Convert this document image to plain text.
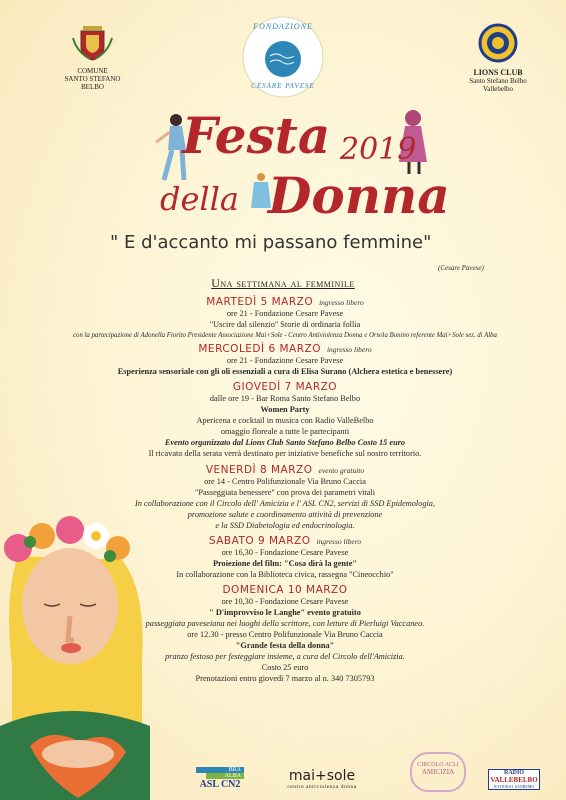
COMUNE
SANTO STEFANO BELBO
FONDAZIONE
CESARE PAVESE
LIONS CLUB
Santo Stefano Belbo
Vallebelbo
Festa 2019
della Donna
" E d'accanto mi passano femmine"
(Cesare Pavese)
Una settimana al femminile
MARTEDÌ 5 MARZO ingresso libero
ore 21 - Fondazione Cesare Pavese
"Uscire dal silenzio" Storie di ordinaria follia
con la partecipazione di Adonella Fiorito Presidente Associazione Mai+Sole - Centro Antiviolenza Donna e Orsola Bonino referente Mai+Sole sez. di Alba
MERCOLEDÌ 6 MARZO ingresso libero
ore 21 - Fondazione Cesare Pavese
Esperienza sensoriale con gli oli essenziali a cura di Elisa Surano (Alchera estetica e benessere)
GIOVEDÌ 7 MARZO
dalle ore 19 - Bar Roma Santo Stefano Belbo
Women Party
Apericena e cocktail in musica con Radio ValleBelbo
omaggio floreale a tutte le partecipanti
Evento organizzato dal Lions Club Santo Stefano Belbo Costo 15 euro
Il ricavato della serata verrà destinato per iniziative benefiche sul nostro territorio.
VENERDÌ 8 MARZO evento gratuito
ore 14 - Centro Polifunzionale Via Bruno Caccia
"Passeggiata benessere" con prova dei parametri vitali
In collaborazione con il Circolo dell' Amicizia e l' ASL CN2, servizi di SSD Epidemologia,
promozione salute e coordinamento attività di prevenzione
e la SSD Diabetologia ed endocrinologia.
SABATO 9 MARZO ingresso libero
ore 16,30 - Fondazione Cesare Pavese
Proiezione del film: "Cosa dirà la gente"
In collaborazione con la Biblioteca civica, rassegna "Cineocchio"
DOMENICA 10 MARZO
ore 10,30 - Fondazione Cesare Pavese
" D'improvviso le Langhe" evento gratuito
passeggiata paveseiana nei luoghi dello scrittore, con letture di Pierluigi Vaccaneo.
ore 12.30 - presso Centro Polifunzionale Via Bruno Caccia
"Grande festa della donna"
pranzo festoso per festeggiare insieme, a cura del Circolo dell'Amicizia.
Costo 25 euro
Prenotazioni entro giovedì 7 marzo al n. 340 7305793
BRA
ALBA
ASL CN2
mai+sole
centro antiviolenza donna
CIRCOLO ACLI
AMICIZIA	RADIO
VALLEBELBO
NATIONAL SANREMO
